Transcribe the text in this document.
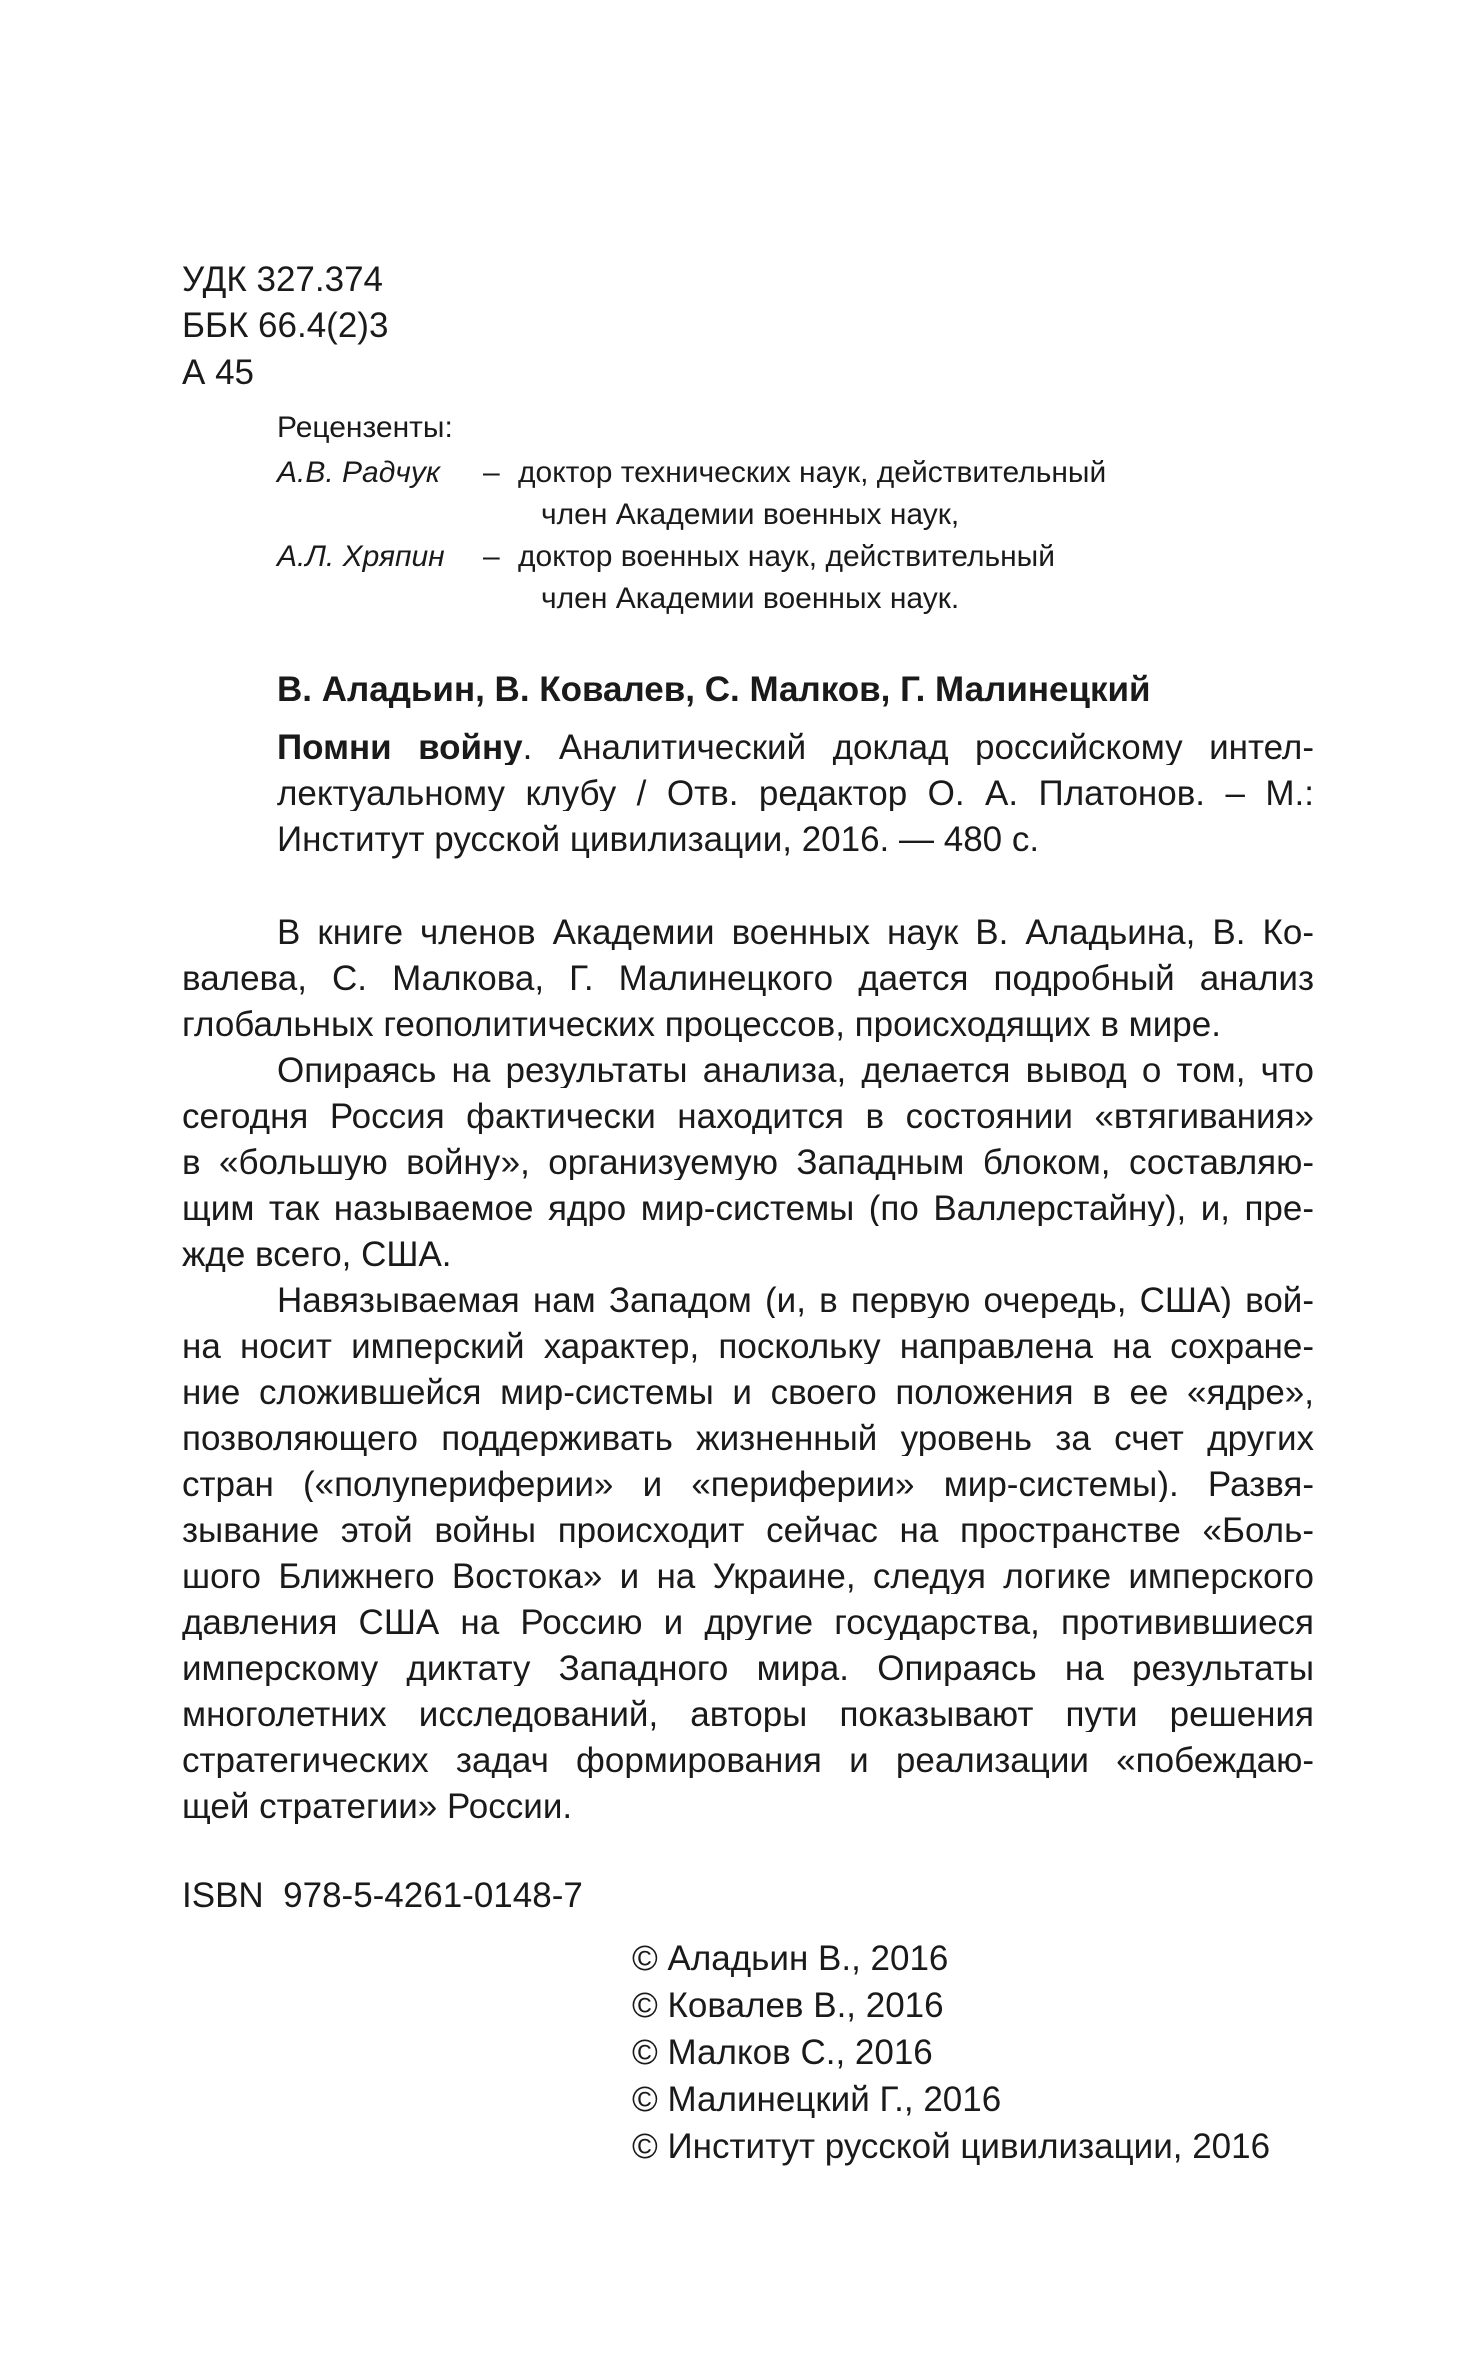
УДК 327.374
ББК 66.4(2)3
А 45
Рецензенты:
А.В. Радчук – доктор технических наук, действительный
член Академии военных наук,
А.Л. Хряпин – доктор военных наук, действительный
член Академии военных наук.
В. Аладьин, В. Ковалев, С. Малков, Г. Малинецкий
Помни войну. Аналитический доклад российскому интел-
лектуальному клубу / Отв. редактор О. А. Платонов. – М.:
Институт русской цивилизации, 2016. — 480 с.
В книге членов Академии военных наук В. Аладьина, В. Ко-
валева, С. Малкова, Г. Малинецкого дается подробный анализ
глобальных геополитических процессов, происходящих в мире.
Опираясь на результаты анализа, делается вывод о том, что
сегодня Россия фактически находится в состоянии «втягивания»
в «большую войну», организуемую Западным блоком, составляю-
щим так называемое ядро мир-системы (по Валлерстайну), и, пре-
жде всего, США.
Навязываемая нам Западом (и, в первую очередь, США) вой-
на носит имперский характер, поскольку направлена на сохране-
ние сложившейся мир-системы и своего положения в ее «ядре»,
позволяющего поддерживать жизненный уровень за счет других
стран («полупериферии» и «периферии» мир-системы). Развя-
зывание этой войны происходит сейчас на пространстве «Боль-
шого Ближнего Востока» и на Украине, следуя логике имперского
давления США на Россию и другие государства, противившиеся
имперскому диктату Западного мира. Опираясь на результаты
многолетних исследований, авторы показывают пути решения
стратегических задач формирования и реализации «побеждаю-
щей стратегии» России.
ISBN  978-5-4261-0148-7
© Аладьин В., 2016
© Ковалев В., 2016
© Малков С., 2016
© Малинецкий Г., 2016
© Институт русской цивилизации, 2016
